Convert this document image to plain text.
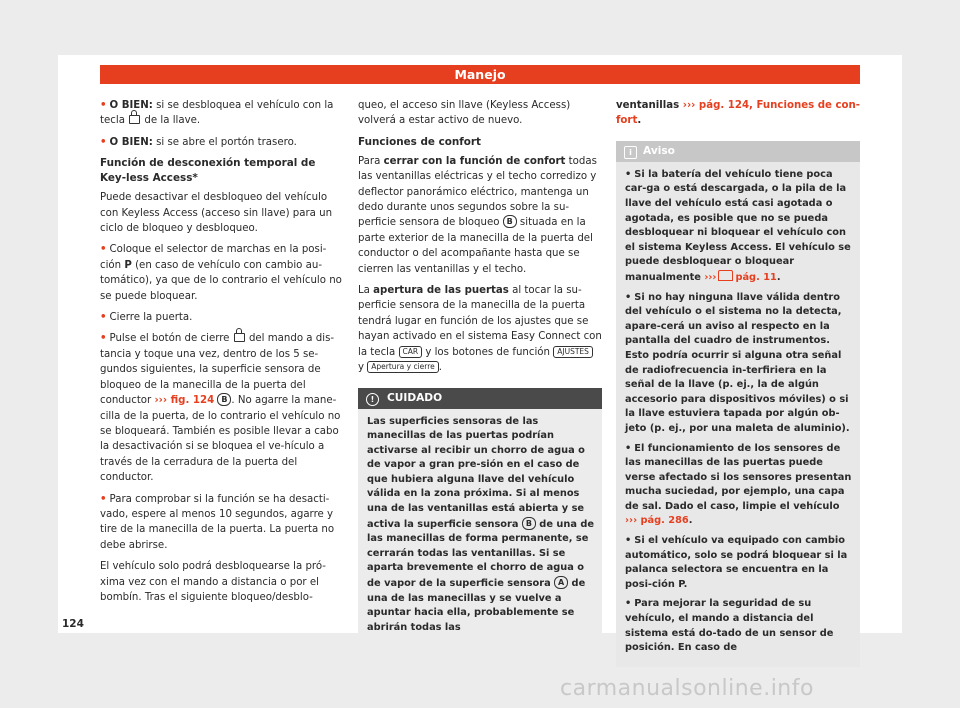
Manejo

• O BIEN: si se desbloquea el vehículo con la tecla  de la llave.

• O BIEN: si se abre el portón trasero.

Función de desconexión temporal de Key-less Access*

Puede desactivar el desbloqueo del vehículo con Keyless Access (acceso sin llave) para un ciclo de bloqueo y desbloqueo.

• Coloque el selector de marchas en la posi-ción P (en caso de vehículo con cambio au-tomático), ya que de lo contrario el vehículo no se puede bloquear.

• Cierre la puerta.

• Pulse el botón de cierre  del mando a dis-tancia y toque una vez, dentro de los 5 se-gundos siguientes, la superficie sensora de bloqueo de la manecilla de la puerta del conductor ››› fig. 124 B . No agarre la mane-cilla de la puerta, de lo contrario el vehículo no se bloqueará. También es posible llevar a cabo la desactivación si se bloquea el ve-hículo a través de la cerradura de la puerta del conductor.

• Para comprobar si la función se ha desacti-vado, espere al menos 10 segundos, agarre y tire de la manecilla de la puerta. La puerta no debe abrirse.

El vehículo solo podrá desbloquearse la pró-xima vez con el mando a distancia o por el bombín. Tras el siguiente bloqueo/desblo-

queo, el acceso sin llave (Keyless Access) volverá a estar activo de nuevo.

Funciones de confort

Para cerrar con la función de confort todas las ventanillas eléctricas y el techo corredizo y deflector panorámico eléctrico, mantenga un dedo durante unos segundos sobre la su-perficie sensora de bloqueo B situada en la parte exterior de la manecilla de la puerta del conductor o del acompañante hasta que se cierren las ventanillas y el techo.

La apertura de las puertas al tocar la su-perficie sensora de la manecilla de la puerta tendrá lugar en función de los ajustes que se hayan activado en el sistema Easy Connect con la tecla CAR y los botones de función AJUSTES y Apertura y cierre .

! CUIDADO
Las superficies sensoras de las manecillas de las puertas podrían activarse al recibir un chorro de agua o de vapor a gran pre-sión en el caso de que hubiera alguna llave del vehículo válida en la zona próxima. Si al menos una de las ventanillas está abierta y se activa la superficie sensora B de una de las manecillas de forma permanente, se cerrarán todas las ventanillas. Si se aparta brevemente el chorro de agua o de vapor de la superficie sensora A de una de las manecillas y se vuelve a apuntar hacia ella, probablemente se abrirán todas las

ventanillas ››› pág. 124, Funciones de con-fort.

i Aviso

• Si la batería del vehículo tiene poca car-ga o está descargada, o la pila de la llave del vehículo está casi agotada o agotada, es posible que no se pueda desbloquear ni bloquear el vehículo con el sistema Keyless Access. El vehículo se puede desbloquear o bloquear manualmente ››› pág. 11.

• Si no hay ninguna llave válida dentro del vehículo o el sistema no la detecta, apare-cerá un aviso al respecto en la pantalla del cuadro de instrumentos. Esto podría ocurrir si alguna otra señal de radiofrecuencia in-terfiriera en la señal de la llave (p. ej., la de algún accesorio para dispositivos móviles) o si la llave estuviera tapada por algún ob-jeto (p. ej., por una maleta de aluminio).

• El funcionamiento de los sensores de las manecillas de las puertas puede verse afectado si los sensores presentan mucha suciedad, por ejemplo, una capa de sal. Dado el caso, limpie el vehículo ››› pág. 286.

• Si el vehículo va equipado con cambio automático, solo se podrá bloquear si la palanca selectora se encuentra en la posi-ción P.

• Para mejorar la seguridad de su vehículo, el mando a distancia del sistema está do-tado de un sensor de posición. En caso de

124
carmanualsonline.info
